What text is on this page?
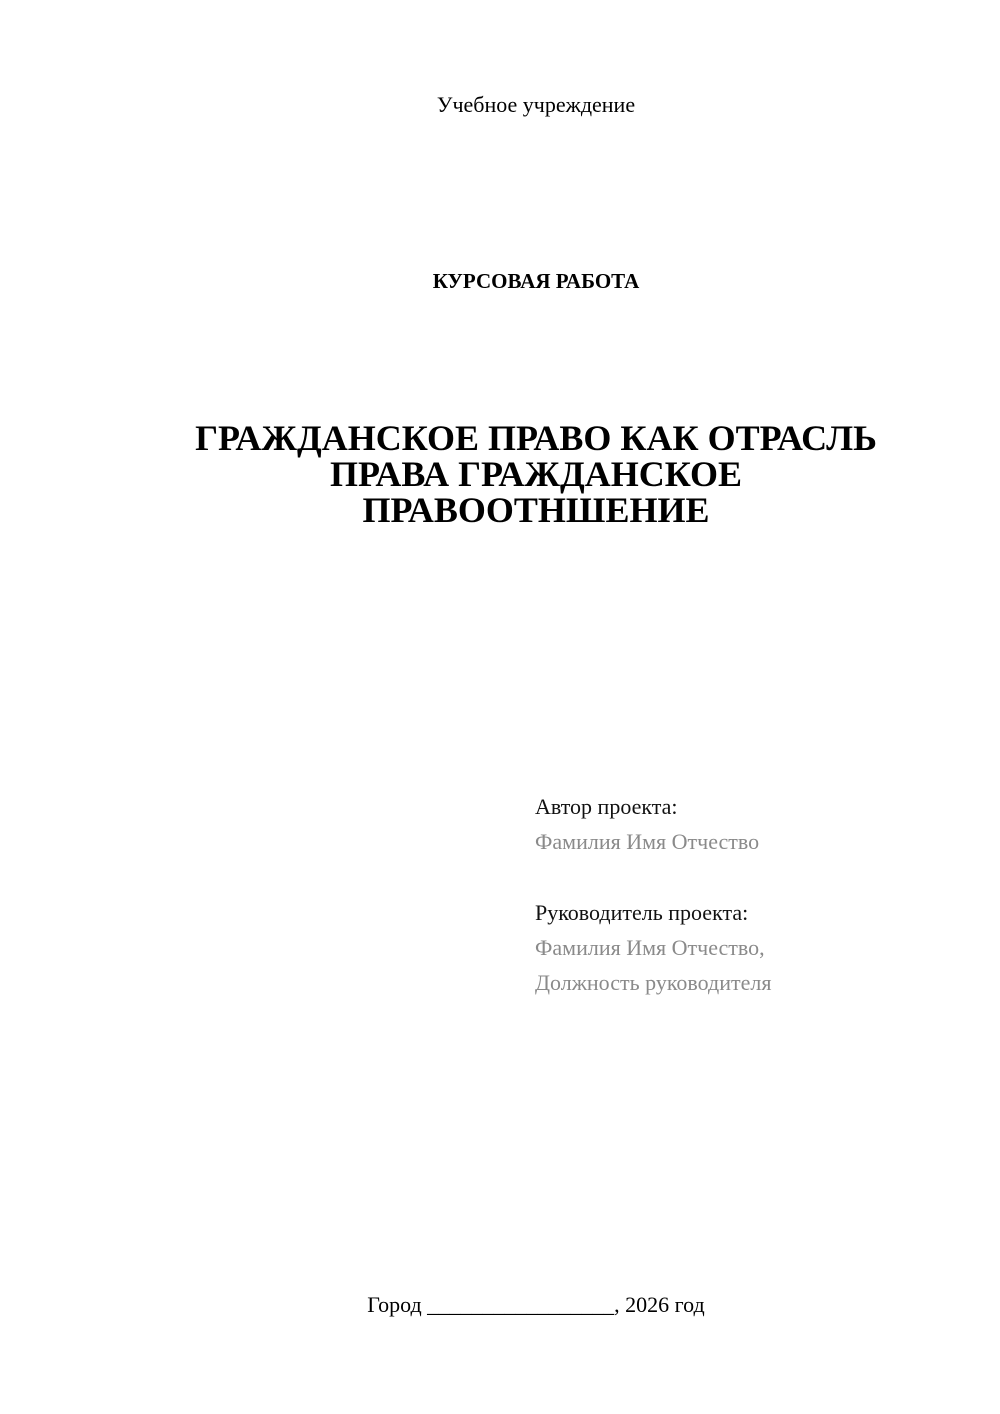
Учебное учреждение
КУРСОВАЯ РАБОТА
ГРАЖДАНСКОЕ ПРАВО КАК ОТРАСЛЬ
ПРАВА ГРАЖДАНСКОЕ
ПРАВООТНШЕНИЕ
Автор проекта:
Фамилия Имя Отчество
Руководитель проекта:
Фамилия Имя Отчество,
Должность руководителя
Город _________________, 2026 год
